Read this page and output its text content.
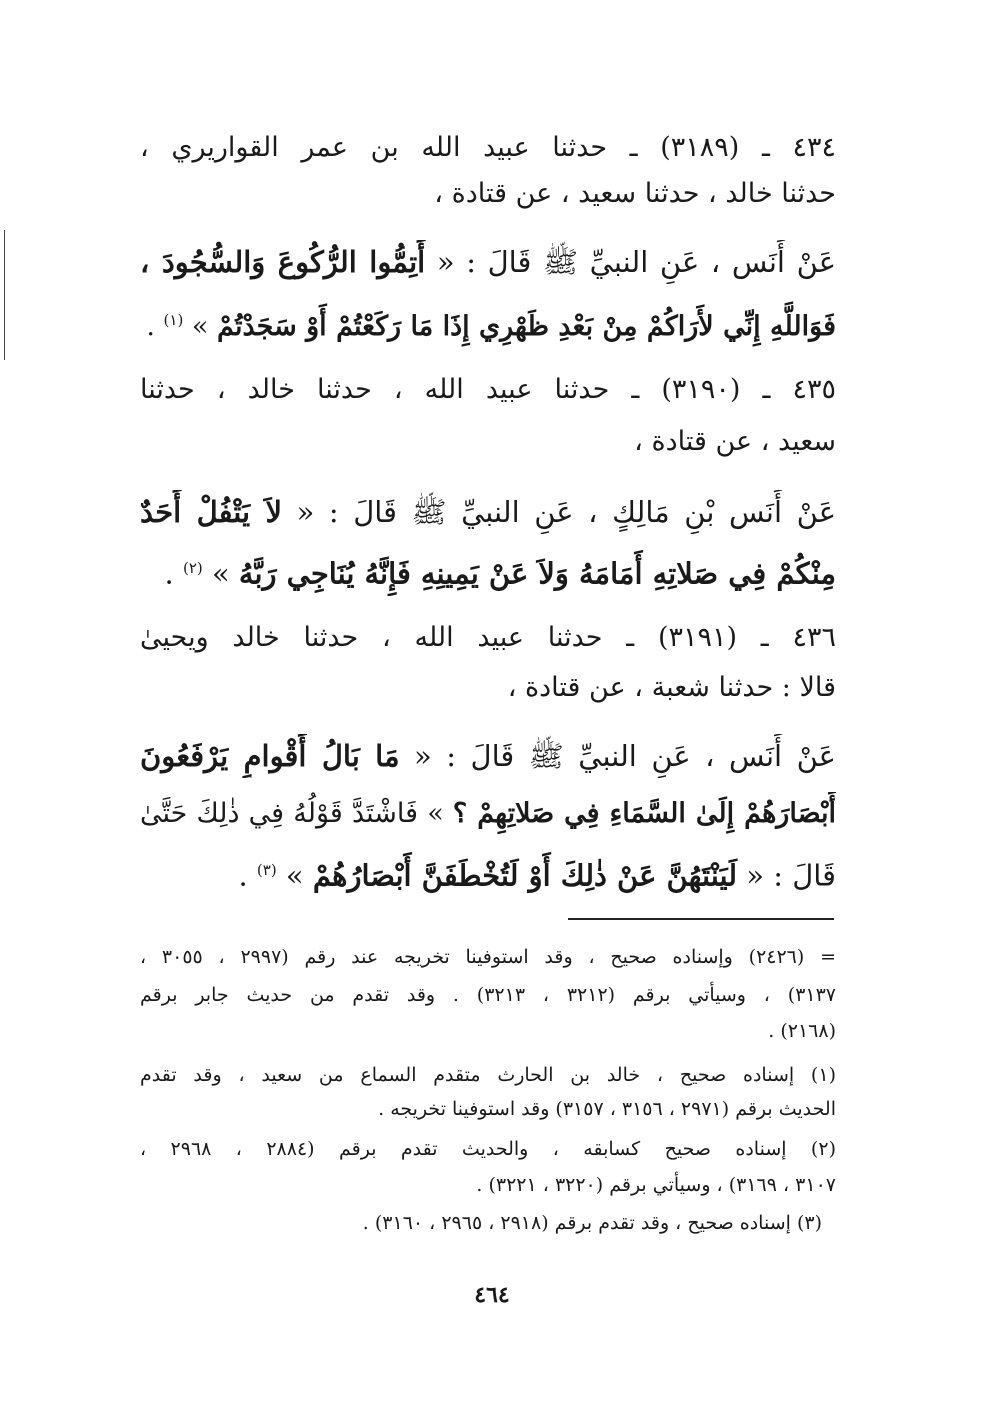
٤٣٤ ـ (٣١٨٩) ـ حدثنا عبيد الله بن عمر القواريري ،
حدثنا خالد ، حدثنا سعيد ، عن قتادة ،
عَنْ أَنَس ، عَنِ النبيِّ ﷺ قَالَ : « أَتِمُّوا الرُّكُوعَ وَالسُّجُودَ ،
فَوَاللَّهِ إِنِّي لأَرَاكُمْ مِنْ بَعْدِ ظَهْرِي إِذَا مَا رَكَعْتُمْ أَوْ سَجَدْتُمْ » $^{(١)}$ .
٤٣٥ ـ (٣١٩٠) ـ حدثنا عبيد الله ، حدثنا خالد ، حدثنا
سعيد ، عن قتادة ،
عَنْ أَنَس بْنِ مَالِكٍ ، عَنِ النبيِّ ﷺ قَالَ : « لاَ يَتْفُلْ أَحَدٌ
مِنْكُمْ فِي صَلاتِهِ أَمَامَهُ وَلاَ عَنْ يَمِينِهِ فَإِنَّهُ يُنَاجِي رَبَّهُ » $^{(٢)}$ .
٤٣٦ ـ (٣١٩١) ـ حدثنا عبيد الله ، حدثنا خالد ويحيىٰ
قالا : حدثنا شعبة ، عن قتادة ،
عَنْ أَنَس ، عَنِ النبيِّ ﷺ قَالَ : « مَا بَالُ أَقْوامٍ يَرْفَعُونَ
أَبْصَارَهُمْ إِلَىٰ السَّمَاءِ فِي صَلاتِهِمْ ؟ » فَاشْتَدَّ قَوْلُهُ فِي ذٰلِكَ حَتَّىٰ
قَالَ : « لَيَنْتَهُنَّ عَنْ ذٰلِكَ أَوْ لَتُخْطَفَنَّ أَبْصَارُهُمْ » $^{(٣)}$ .
= (٢٤٢٦) وإسناده صحيح ، وقد استوفينا تخريجه عند رقم (٢٩٩٧ ، ٣٠٥٥ ،
٣١٣٧) ، وسيأتي برقم (٣٢١٢ ، ٣٢١٣) . وقد تقدم من حديث جابر برقم
(٢١٦٨) .
(١) إسناده صحيح ، خالد بن الحارث متقدم السماع من سعيد ، وقد تقدم
الحديث برقم (٢٩٧١ ، ٣١٥٦ ، ٣١٥٧) وقد استوفينا تخريجه .
(٢) إسناده صحيح كسابقه ، والحديث تقدم برقم (٢٨٨٤ ، ٢٩٦٨ ،
٣١٠٧ ، ٣١٦٩) ، وسيأتي برقم (٣٢٢٠ ، ٣٢٢١) .
(٣) إسناده صحيح ، وقد تقدم برقم (٢٩١٨ ، ٢٩٦٥ ، ٣١٦٠) .
٤٦٤
